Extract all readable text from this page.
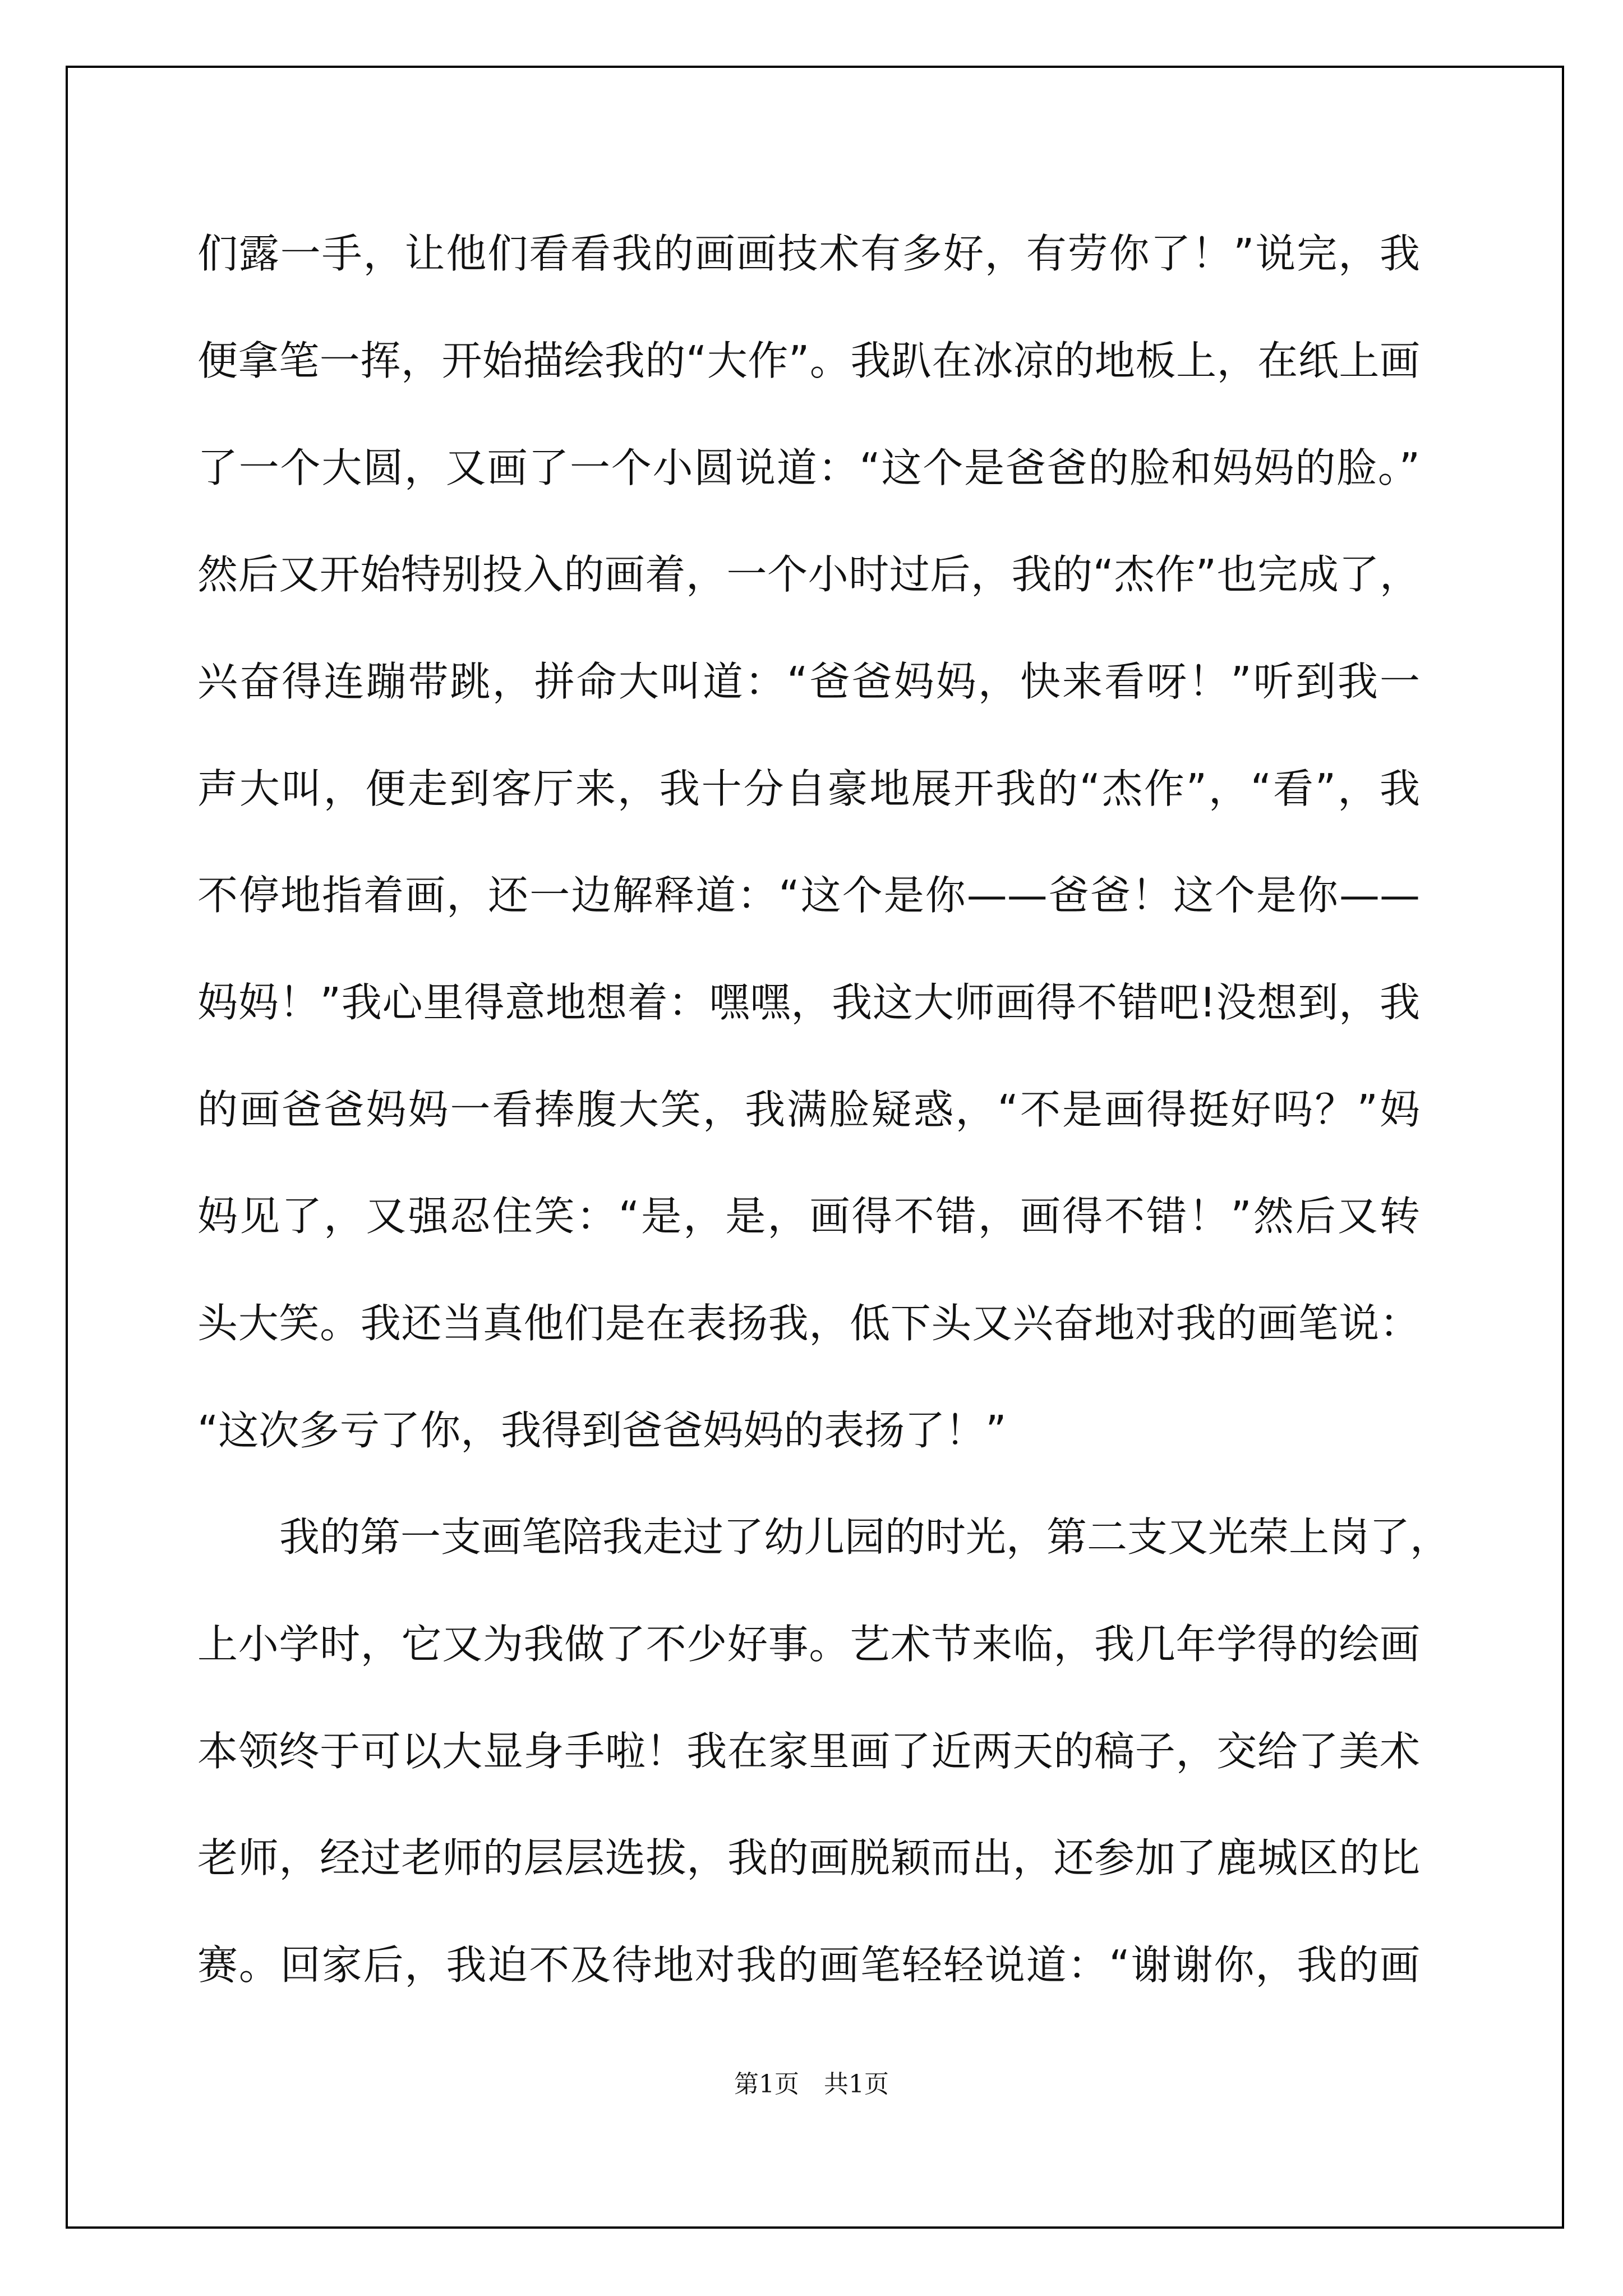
们露一手，让他们看看我的画画技术有多好，有劳你了！”说完，我
便拿笔一挥，开始描绘我的“大作”。我趴在冰凉的地板上，在纸上画
了一个大圆，又画了一个小圆说道：“这个是爸爸的脸和妈妈的脸。”
然后又开始特别投入的画着，一个小时过后，我的“杰作”也完成了，
兴奋得连蹦带跳，拼命大叫道：“爸爸妈妈，快来看呀！”听到我一
声大叫，便走到客厅来，我十分自豪地展开我的“杰作”，“看”，我
不停地指着画，还一边解释道：“这个是你——爸爸！这个是你——
妈妈！”我心里得意地想着：嘿嘿，我这大师画得不错吧!没想到，我
的画爸爸妈妈一看捧腹大笑，我满脸疑惑，“不是画得挺好吗？”妈
妈见了，又强忍住笑：“是，是，画得不错，画得不错！”然后又转
头大笑。我还当真他们是在表扬我，低下头又兴奋地对我的画笔说：
“这次多亏了你，我得到爸爸妈妈的表扬了！”
我的第一支画笔陪我走过了幼儿园的时光，第二支又光荣上岗了，
上小学时，它又为我做了不少好事。艺术节来临，我几年学得的绘画
本领终于可以大显身手啦！我在家里画了近两天的稿子，交给了美术
老师，经过老师的层层选拔，我的画脱颖而出，还参加了鹿城区的比
赛。回家后，我迫不及待地对我的画笔轻轻说道：“谢谢你，我的画
第1页　共1页
